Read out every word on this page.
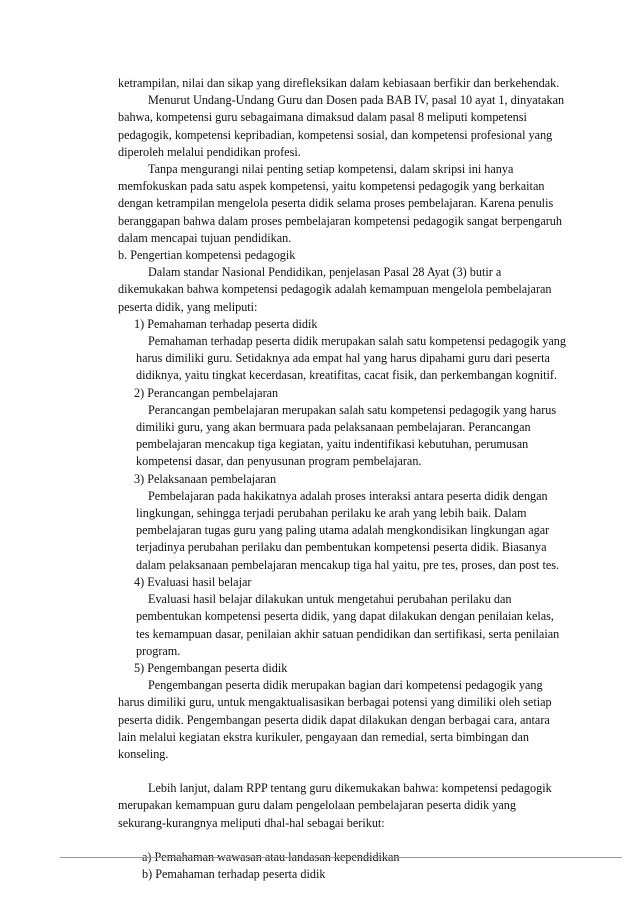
ketrampilan, nilai dan sikap yang direfleksikan dalam kebiasaan berfikir dan berkehendak.

Menurut Undang-Undang Guru dan Dosen pada BAB IV, pasal 10 ayat 1, dinyatakan bahwa, kompetensi guru sebagaimana dimaksud dalam pasal 8 meliputi kompetensi pedagogik, kompetensi kepribadian, kompetensi sosial, dan kompetensi profesional yang diperoleh melalui pendidikan profesi.

Tanpa mengurangi nilai penting setiap kompetensi, dalam skripsi ini hanya memfokuskan pada satu aspek kompetensi, yaitu kompetensi pedagogik yang berkaitan dengan ketrampilan mengelola peserta didik selama proses pembelajaran. Karena penulis beranggapan bahwa dalam proses pembelajaran kompetensi pedagogik sangat berpengaruh dalam mencapai tujuan pendidikan.

b. Pengertian kompetensi pedagogik

Dalam standar Nasional Pendidikan, penjelasan Pasal 28 Ayat (3) butir a dikemukakan bahwa kompetensi pedagogik adalah kemampuan mengelola pembelajaran peserta didik, yang meliputi:

1) Pemahaman terhadap peserta didik

Pemahaman terhadap peserta didik merupakan salah satu kompetensi pedagogik yang harus dimiliki guru. Setidaknya ada empat hal yang harus dipahami guru dari peserta didiknya, yaitu tingkat kecerdasan, kreatifitas, cacat fisik, dan perkembangan kognitif.

2) Perancangan pembelajaran

Perancangan pembelajaran merupakan salah satu kompetensi pedagogik yang harus dimiliki guru, yang akan bermuara pada pelaksanaan pembelajaran. Perancangan pembelajaran mencakup tiga kegiatan, yaitu indentifikasi kebutuhan, perumusan kompetensi dasar, dan penyusunan program pembelajaran.

3) Pelaksanaan pembelajaran

Pembelajaran pada hakikatnya adalah proses interaksi antara peserta didik dengan lingkungan, sehingga terjadi perubahan perilaku ke arah yang lebih baik. Dalam pembelajaran tugas guru yang paling utama adalah mengkondisikan lingkungan agar terjadinya perubahan perilaku dan pembentukan kompetensi peserta didik. Biasanya dalam pelaksanaan pembelajaran mencakup tiga hal yaitu, pre tes, proses, dan post tes.

4) Evaluasi hasil belajar

Evaluasi hasil belajar dilakukan untuk mengetahui perubahan perilaku dan pembentukan kompetensi peserta didik, yang dapat dilakukan dengan penilaian kelas, tes kemampuan dasar, penilaian akhir satuan pendidikan dan sertifikasi, serta penilaian program.

5) Pengembangan peserta didik

Pengembangan peserta didik merupakan bagian dari kompetensi pedagogik yang harus dimiliki guru, untuk mengaktualisasikan berbagai potensi yang dimiliki oleh setiap peserta didik. Pengembangan peserta didik dapat dilakukan dengan berbagai cara, antara lain melalui kegiatan ekstra kurikuler, pengayaan dan remedial, serta bimbingan dan konseling.

Lebih lanjut, dalam RPP tentang guru dikemukakan bahwa: kompetensi pedagogik merupakan kemampuan guru dalam pengelolaan pembelajaran peserta didik yang sekurang-kurangnya meliputi dhal-hal sebagai berikut:

a) Pemahaman wawasan atau landasan kependidikan

b) Pemahaman terhadap peserta didik
